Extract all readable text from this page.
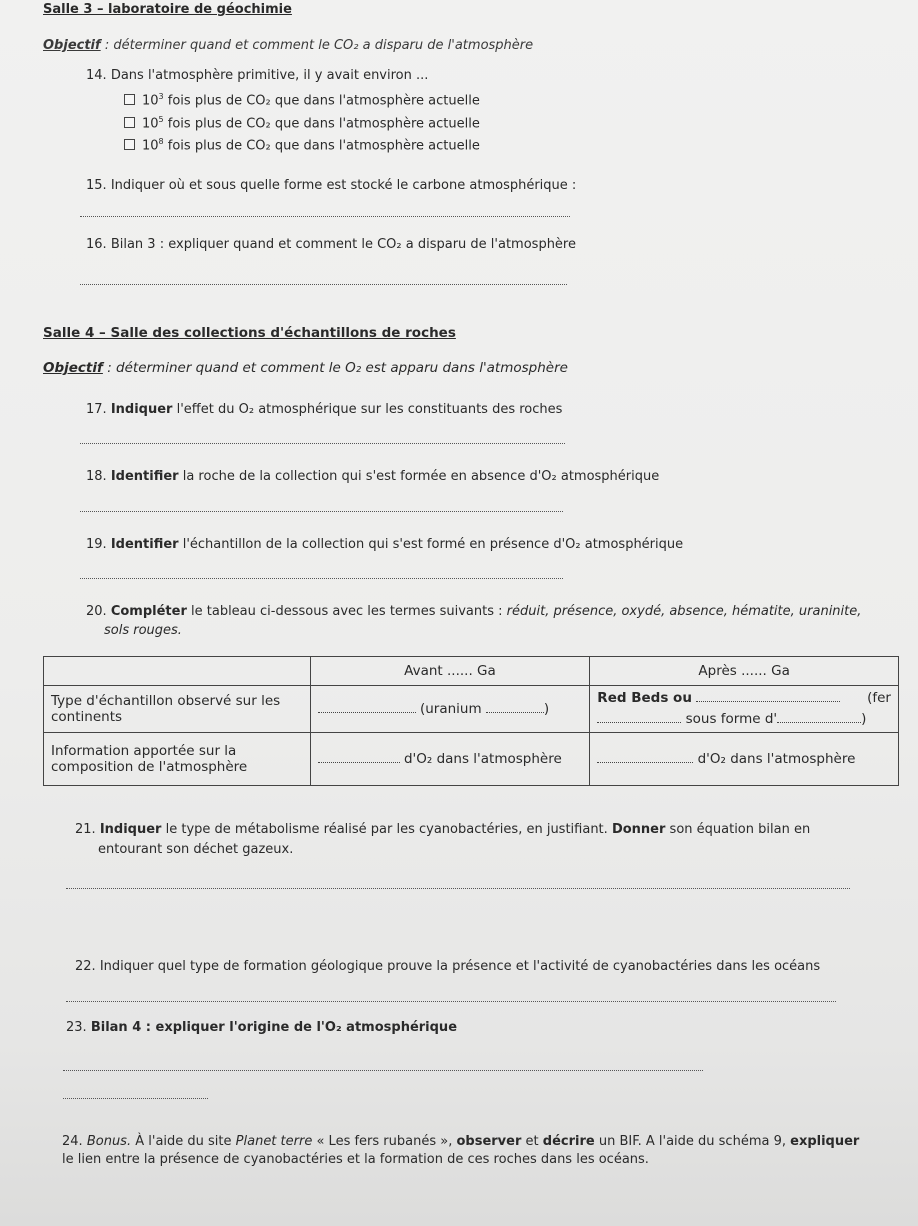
Salle 3 – laboratoire de géochimie
Objectif : déterminer quand et comment le CO₂ a disparu de l'atmosphère
14. Dans l'atmosphère primitive, il y avait environ ...
$10^3$ fois plus de CO₂ que dans l'atmosphère actuelle
$10^5$ fois plus de CO₂ que dans l'atmosphère actuelle
$10^8$ fois plus de CO₂ que dans l'atmosphère actuelle
15. Indiquer où et sous quelle forme est stocké le carbone atmosphérique :
16. Bilan 3 : expliquer quand et comment le CO₂ a disparu de l'atmosphère
Salle 4 – Salle des collections d'échantillons de roches
Objectif : déterminer quand et comment le O₂ est apparu dans l'atmosphère
17. Indiquer l'effet du O₂ atmosphérique sur les constituants des roches
18. Identifier la roche de la collection qui s'est formée en absence d'O₂ atmosphérique
19. Identifier l'échantillon de la collection qui s'est formé en présence d'O₂ atmosphérique
20. Compléter le tableau ci-dessous avec les termes suivants : réduit, présence, oxydé, absence, hématite, uraninite,
sols rouges.
	Avant ...... Ga	Après ...... Ga
Type d'échantillon observé sur les continents	(uranium )	Red Beds ou (fer
sous forme d' )

Information apportée sur la composition de l'atmosphère	d'O₂ dans l'atmosphère	d'O₂ dans l'atmosphère
21. Indiquer le type de métabolisme réalisé par les cyanobactéries, en justifiant. Donner son équation bilan en
entourant son déchet gazeux.
22. Indiquer quel type de formation géologique prouve la présence et l'activité de cyanobactéries dans les océans
23. Bilan 4 : expliquer l'origine de l'O₂ atmosphérique
24. Bonus. À l'aide du site Planet terre « Les fers rubanés », observer et décrire un BIF. A l'aide du schéma 9, expliquer
le lien entre la présence de cyanobactéries et la formation de ces roches dans les océans.
